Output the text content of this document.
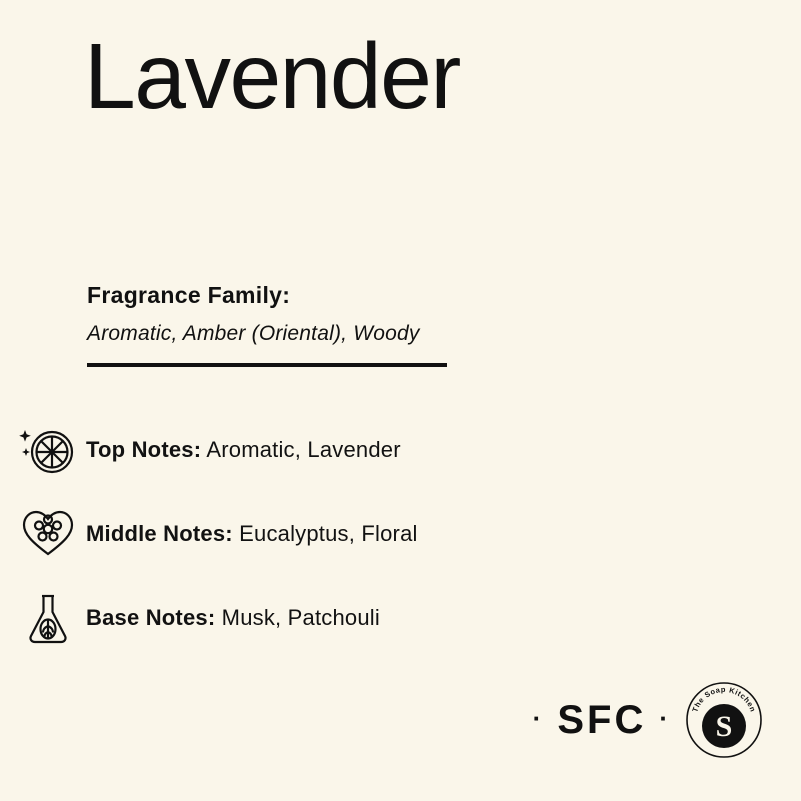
Lavender
Fragrance Family:
Aromatic, Amber (Oriental), Woody
Top Notes: Aromatic, Lavender
Middle Notes: Eucalyptus, Floral
Base Notes: Musk, Patchouli
· SFC · S
The Soap Kitchen
